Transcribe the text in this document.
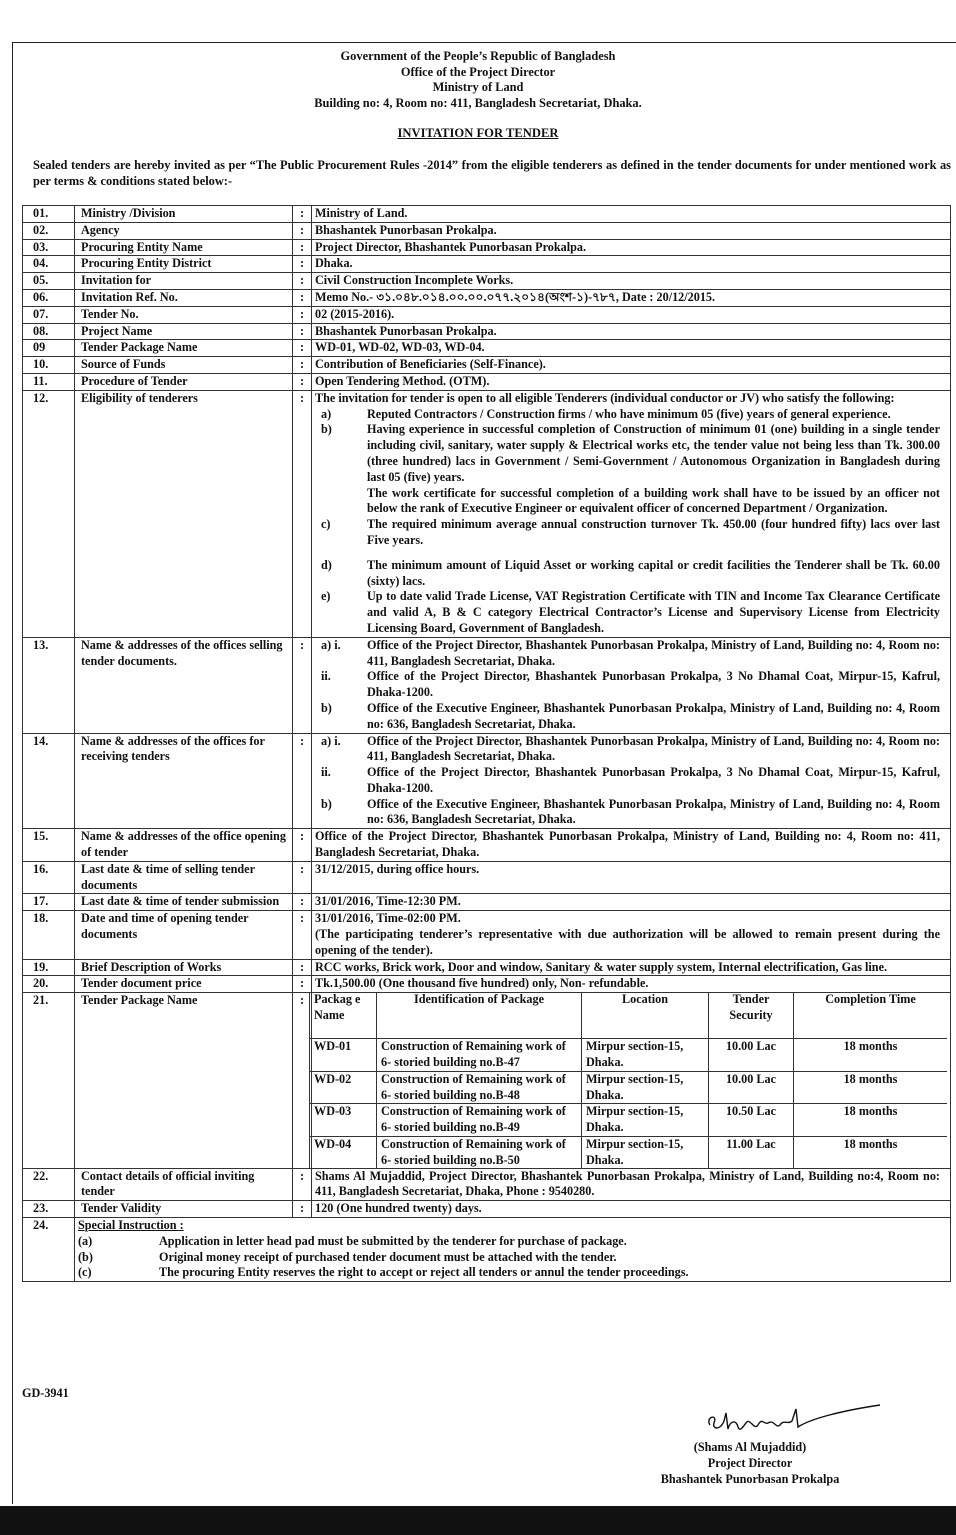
Government of the People’s Republic of Bangladesh
Office of the Project Director
Ministry of Land
Building no: 4, Room no: 411, Bangladesh Secretariat, Dhaka.
INVITATION FOR TENDER
Sealed tenders are hereby invited as per “The Public Procurement Rules -2014” from the eligible tenderers as defined in the tender documents for under mentioned work as per terms & conditions stated below:-
01.	Ministry /Division	:	Ministry of Land.
02.	Agency	:	Bhashantek Punorbasan Prokalpa.
03.	Procuring Entity Name	:	Project Director, Bhashantek Punorbasan Prokalpa.
04.	Procuring Entity District	:	Dhaka.
05.	Invitation for	:	Civil Construction Incomplete Works.
06.	Invitation Ref. No.	:	Memo No.- ৩১.০৪৮.০১৪.০০.০০.০৭৭.২০১৪(অংশ-১)-৭৮৭, Date : 20/12/2015.
07.	Tender No.	:	02 (2015-2016).
08.	Project Name	:	Bhashantek Punorbasan Prokalpa.
09	Tender Package Name	:	WD-01, WD-02, WD-03, WD-04.
10.	Source of Funds	:	Contribution of Beneficiaries (Self-Finance).
11.	Procedure of Tender	:	Open Tendering Method. (OTM).
12.	Eligibility of tenderers	:	The invitation for tender is open to all eligible Tenderers (individual conductor or JV) who satisfy the following:
a)	Reputed Contractors / Construction firms / who have minimum 05 (five) years of general experience.
b)	Having experience in successful completion of Construction of minimum 01 (one) building in a single tender including civil, sanitary, water supply & Electrical works etc, the tender value not being less than Tk. 300.00 (three hundred) lacs in Government / Semi-Government / Autonomous Organization in Bangladesh during last 05 (five) years.
The work certificate for successful completion of a building work shall have to be issued by an officer not below the rank of Executive Engineer or equivalent officer of concerned Department / Organization.
c)	The required minimum average annual construction turnover Tk. 450.00 (four hundred fifty) lacs over last Five years.
d)	The minimum amount of Liquid Asset or working capital or credit facilities the Tenderer shall be Tk. 60.00 (sixty) lacs.
e)	Up to date valid Trade License, VAT Registration Certificate with TIN and Income Tax Clearance Certificate and valid A, B & C category Electrical Contractor’s License and Supervisory License from Electricity Licensing Board, Government of Bangladesh.

13.	Name & addresses of the offices selling tender documents.	:	a) i.	Office of the Project Director, Bhashantek Punorbasan Prokalpa, Ministry of Land, Building no: 4, Room no: 411, Bangladesh Secretariat, Dhaka.
ii.	Office of the Project Director, Bhashantek Punorbasan Prokalpa, 3 No Dhamal Coat, Mirpur-15, Kafrul, Dhaka-1200.
b)	Office of the Executive Engineer, Bhashantek Punorbasan Prokalpa, Ministry of Land, Building no: 4, Room no: 636, Bangladesh Secretariat, Dhaka.

14.	Name & addresses of the offices for receiving tenders	:	a) i.	Office of the Project Director, Bhashantek Punorbasan Prokalpa, Ministry of Land, Building no: 4, Room no: 411, Bangladesh Secretariat, Dhaka.
ii.	Office of the Project Director, Bhashantek Punorbasan Prokalpa, 3 No Dhamal Coat, Mirpur-15, Kafrul, Dhaka-1200.
b)	Office of the Executive Engineer, Bhashantek Punorbasan Prokalpa, Ministry of Land, Building no: 4, Room no: 636, Bangladesh Secretariat, Dhaka.

15.	Name & addresses of the office opening of tender	:	Office of the Project Director, Bhashantek Punorbasan Prokalpa, Ministry of Land, Building no: 4, Room no: 411, Bangladesh Secretariat, Dhaka.
16.	Last date & time of selling tender documents	:	31/12/2015, during office hours.
17.	Last date & time of tender submission	:	31/01/2016, Time-12:30 PM.
18.	Date and time of opening tender documents	:	31/01/2016, Time-02:00 PM.
(The participating tenderer’s representative with due authorization will be allowed to remain present during the opening of the tender).

19.	Brief Description of Works	:	RCC works, Brick work, Door and window, Sanitary & water supply system, Internal electrification, Gas line.
20.	Tender document price	:	Tk.1,500.00 (One thousand five hundred) only, Non- refundable.
21.	Tender Package Name	:	Packag e Name	Identification of Package	Location	Tender Security	Completion Time
WD-01	Construction of Remaining work of 6- storied building no.B-47	Mirpur section-15, Dhaka.	10.00 Lac	18 months
WD-02	Construction of Remaining work of 6- storied building no.B-48	Mirpur section-15, Dhaka.	10.00 Lac	18 months
WD-03	Construction of Remaining work of 6- storied building no.B-49	Mirpur section-15, Dhaka.	10.50 Lac	18 months
WD-04	Construction of Remaining work of 6- storied building no.B-50	Mirpur section-15, Dhaka.	11.00 Lac	18 months

22.	Contact details of official inviting tender	:	Shams Al Mujaddid, Project Director, Bhashantek Punorbasan Prokalpa, Ministry of Land, Building no:4, Room no: 411, Bangladesh Secretariat, Dhaka, Phone : 9540280.
23.	Tender Validity	:	120 (One hundred twenty) days.
24.	Special Instruction :
(a)	Application in letter head pad must be submitted by the tenderer for purchase of package.
(b)	Original money receipt of purchased tender document must be attached with the tender.
(c)	The procuring Entity reserves the right to accept or reject all tenders or annul the tender proceedings.
GD-3941
(Shams Al Mujaddid)
Project Director
Bhashantek Punorbasan Prokalpa
